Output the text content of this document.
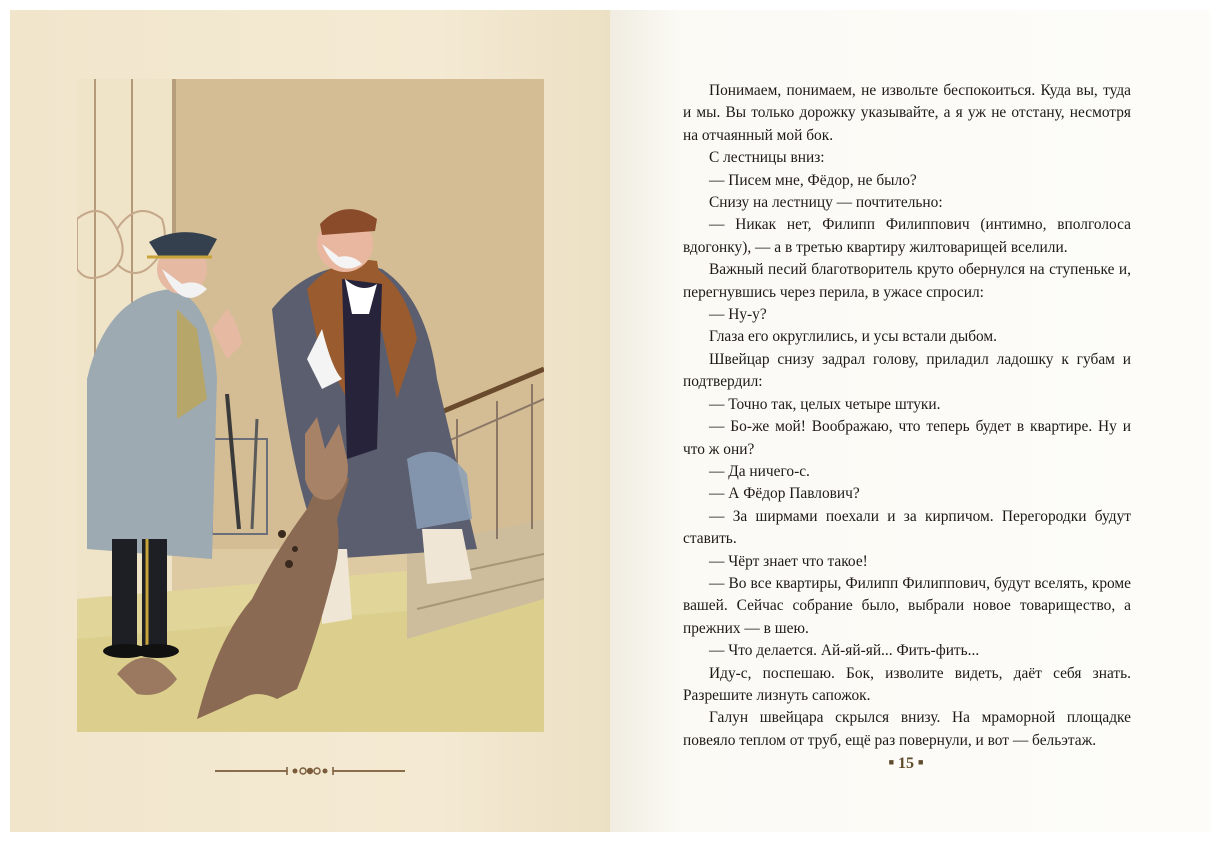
Понимаем, понимаем, не извольте беспокоиться. Куда вы, туда и мы. Вы только дорожку указывайте, а я уж не отстану, несмотря на отчаянный мой бок.

С лестницы вниз:

— Писем мне, Фёдор, не было?

Снизу на лестницу — почтительно:

— Никак нет, Филипп Филиппович (интимно, вполголоса вдогонку), — а в третью квартиру жилтоварищей вселили.

Важный песий благотворитель круто обернулся на ступеньке и, перегнувшись через перила, в ужасе спросил:

— Ну-у?

Глаза его округлились, и усы встали дыбом.

Швейцар снизу задрал голову, приладил ладошку к губам и подтвердил:

— Точно так, целых четыре штуки.

— Бо-же мой! Воображаю, что теперь будет в квартире. Ну и что ж они?

— Да ничего-с.

— А Фёдор Павлович?

— За ширмами поехали и за кирпичом. Перегородки будут ставить.

— Чёрт знает что такое!

— Во все квартиры, Филипп Филиппович, будут вселять, кроме вашей. Сейчас собрание было, выбрали новое товарищество, а прежних — в шею.

— Что делается. Ай-яй-яй... Фить-фить...

Иду-с, поспешаю. Бок, изволите видеть, даёт себя знать. Разрешите лизнуть сапожок.

Галун швейцара скрылся внизу. На мраморной площадке повеяло теплом от труб, ещё раз повернули, и вот — бельэтаж.

■ 15 ■
